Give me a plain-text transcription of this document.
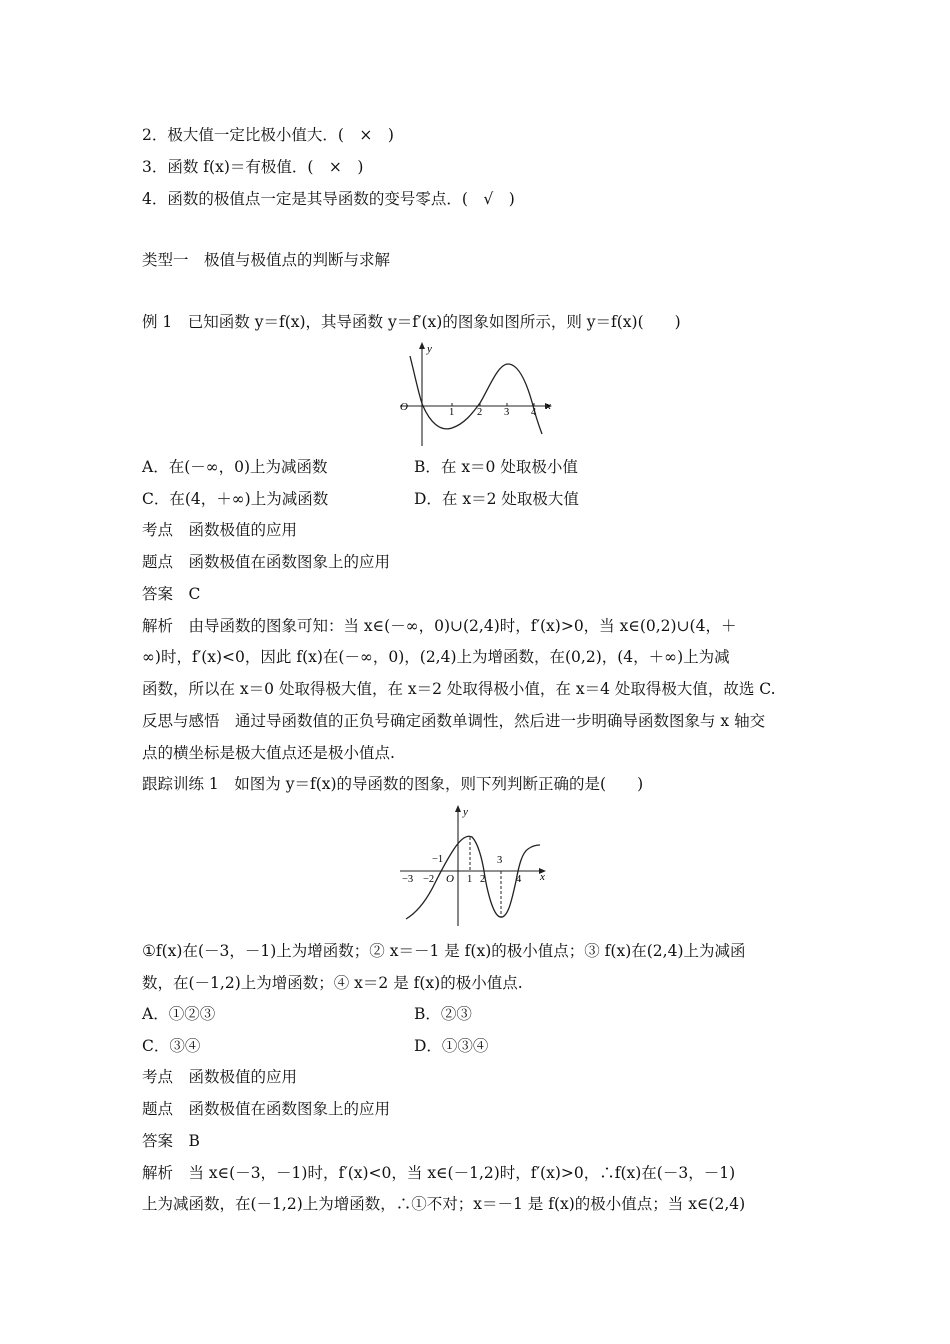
2．极大值一定比极小值大．(　×　)
3．函数 f(x)＝有极值．(　×　)
4．函数的极值点一定是其导函数的变号零点．(　√　)
类型一　极值与极值点的判断与求解
例 1　已知函数 y＝f(x)，其导函数 y＝f′(x)的图象如图所示，则 y＝f(x)(　　)
y
x
O	1 2 3 4
A．在(－∞，0)上为减函数	B．在 x＝0 处取极小值
C．在(4，＋∞)上为减函数	D．在 x＝2 处取极大值
考点　函数极值的应用
题点　函数极值在函数图象上的应用
答案　C
解析　由导函数的图象可知：当 x∈(－∞，0)∪(2,4)时，f′(x)>0，当 x∈(0,2)∪(4，＋
∞)时，f′(x)<0，因此 f(x)在(－∞，0)，(2,4)上为增函数，在(0,2)，(4，＋∞)上为减
函数，所以在 x＝0 处取得极大值，在 x＝2 处取得极小值，在 x＝4 处取得极大值，故选 C.
反思与感悟　通过导函数值的正负号确定函数单调性，然后进一步明确导函数图象与 x 轴交
点的横坐标是极大值点还是极小值点.
跟踪训练 1　如图为 y＝f(x)的导函数的图象，则下列判断正确的是(　　)
y
x
O
−3 −2	1 2	4
−1	3
①f(x)在(－3，－1)上为增函数；② x＝－1 是 f(x)的极小值点；③ f(x)在(2,4)上为减函
数，在(－1,2)上为增函数；④ x＝2 是 f(x)的极小值点.
A．①②③	B．②③
C．③④	D．①③④
考点　函数极值的应用
题点　函数极值在函数图象上的应用
答案　B
解析　当 x∈(－3，－1)时，f′(x)<0，当 x∈(－1,2)时，f′(x)>0，∴f(x)在(－3，－1)
上为减函数，在(－1,2)上为增函数，∴①不对；x＝－1 是 f(x)的极小值点；当 x∈(2,4)
